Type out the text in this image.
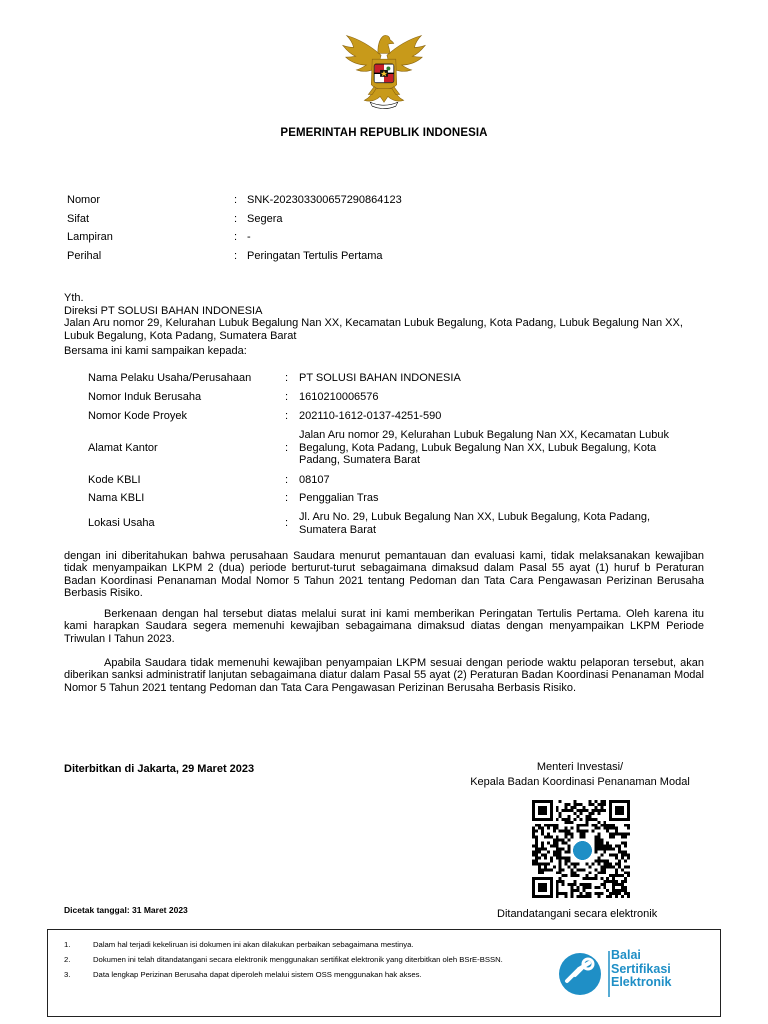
PEMERINTAH REPUBLIK INDONESIA
Nomor	: SNK-202303300657290864123
Sifat	: Segera
Lampiran	: -
Perihal	: Peringatan Tertulis Pertama
Yth.
Direksi PT SOLUSI BAHAN INDONESIA
Jalan Aru nomor 29, Kelurahan Lubuk Begalung Nan XX, Kecamatan Lubuk Begalung, Kota Padang, Lubuk Begalung Nan XX, Lubuk Begalung, Kota Padang, Sumatera Barat
Bersama ini kami sampaikan kepada:
Nama Pelaku Usaha/Perusahaan	: PT SOLUSI BAHAN INDONESIA
Nomor Induk Berusaha	: 1610210006576
Nomor Kode Proyek	: 202110-1612-0137-4251-590
Alamat Kantor	:
Jalan Aru nomor 29, Kelurahan Lubuk Begalung Nan XX, Kecamatan Lubuk Begalung, Kota Padang, Lubuk Begalung Nan XX, Lubuk Begalung, Kota Padang, Sumatera Barat
Kode KBLI	: 08107
Nama KBLI	: Penggalian Tras
Lokasi Usaha	: Jl. Aru No. 29, Lubuk Begalung Nan XX, Lubuk Begalung, Kota Padang, Sumatera Barat
dengan ini diberitahukan bahwa perusahaan Saudara menurut pemantauan dan evaluasi kami, tidak melaksanakan kewajiban tidak menyampaikan LKPM 2 (dua) periode berturut-turut sebagaimana dimaksud dalam Pasal 55 ayat (1) huruf b Peraturan Badan Koordinasi Penanaman Modal Nomor 5 Tahun 2021 tentang Pedoman dan Tata Cara Pengawasan Perizinan Berusaha Berbasis Risiko.
Berkenaan dengan hal tersebut diatas melalui surat ini kami memberikan Peringatan Tertulis Pertama. Oleh karena itu kami harapkan Saudara segera memenuhi kewajiban sebagaimana dimaksud diatas dengan menyampaikan LKPM Periode Triwulan I Tahun 2023.
Apabila Saudara tidak memenuhi kewajiban penyampaian LKPM sesuai dengan periode waktu pelaporan tersebut, akan diberikan sanksi administratif lanjutan sebagaimana diatur dalam Pasal 55 ayat (2) Peraturan Badan Koordinasi Penanaman Modal Nomor 5 Tahun 2021 tentang Pedoman dan Tata Cara Pengawasan Perizinan Berusaha Berbasis Risiko.
Diterbitkan di Jakarta, 29 Maret 2023	Menteri Investasi/
Kepala Badan Koordinasi Penanaman Modal
Dicetak tanggal: 31 Maret 2023	Ditandatangani secara elektronik
1.	Dalam hal terjadi kekeliruan isi dokumen ini akan dilakukan perbaikan sebagaimana mestinya.
2.	Dokumen ini telah ditandatangani secara elektronik menggunakan sertifikat elektronik yang diterbitkan oleh BSrE-BSSN.
3.	Data lengkap Perizinan Berusaha dapat diperoleh melalui sistem OSS menggunakan hak akses.
Balai
Sertifikasi
Elektronik
